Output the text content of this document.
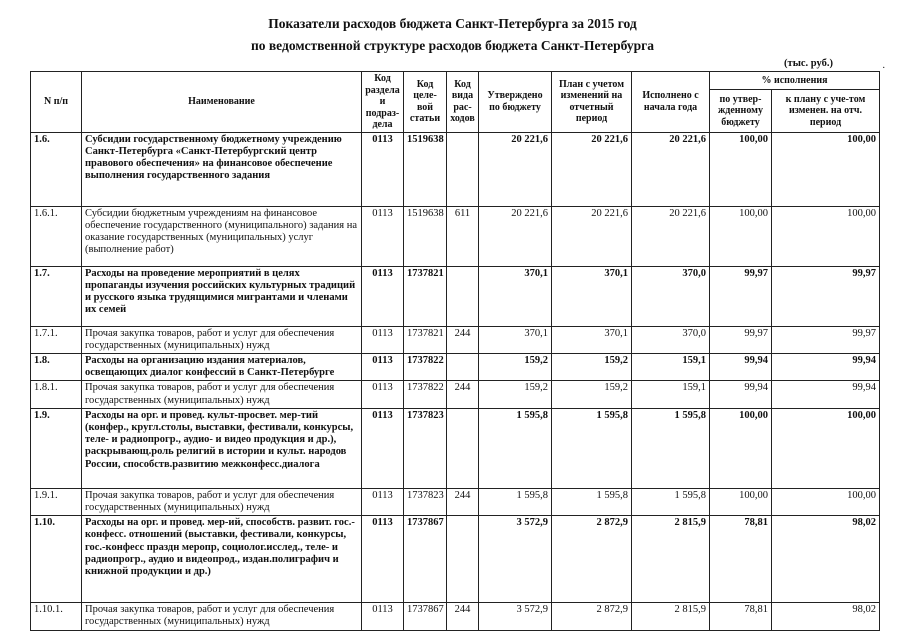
Показатели расходов бюджета Санкт-Петербурга за 2015 год
по ведомственной структуре расходов бюджета Санкт-Петербурга
(тыс. руб.)	.
N п/п	Наименование	Код раздела и подраз-дела	Код целе-вой статьи	Код вида рас-ходов	Утверждено по бюджету	План с учетом изменений на отчетный период	Исполнено с начала года	% исполнения	
								по утвер-жденному бюджету	к плану с уче-том изменен. на отч. период
1.6.	Субсидии государственному бюджетному учреждению Санкт-Петербурга «Санкт-Петербургский центр правового обеспечения» на финансовое обеспечение выполнения государственного задания	0113	1519638		20 221,6	20 221,6	20 221,6	100,00	100,00
1.6.1.	Субсидии бюджетным учреждениям на финансовое обеспечение государственного (муниципального) задания на оказание государственных (муниципальных) услуг (выполнение работ)	0113	1519638	611	20 221,6	20 221,6	20 221,6	100,00	100,00
1.7.	Расходы на проведение мероприятий в целях пропаганды изучения российских культурных традиций и русского языка трудящимися мигрантами и членами их семей	0113	1737821		370,1	370,1	370,0	99,97	99,97
1.7.1.	Прочая закупка товаров, работ и услуг для обеспечения государственных (муниципальных) нужд	0113	1737821	244	370,1	370,1	370,0	99,97	99,97
1.8.	Расходы на организацию издания материалов, освещающих диалог конфессий в Санкт-Петербурге	0113	1737822		159,2	159,2	159,1	99,94	99,94
1.8.1.	Прочая закупка товаров, работ и услуг для обеспечения государственных (муниципальных) нужд	0113	1737822	244	159,2	159,2	159,1	99,94	99,94
1.9.	Расходы на орг. и провед. культ-просвет. мер-тий (конфер., кругл.столы, выставки, фестивали, конкурсы, теле- и радиопрогр., аудио- и видео продукция и др.), раскрывающ.роль религий в истории и культ. народов России, способств.развитию межконфесс.диалога	0113	1737823		1 595,8	1 595,8	1 595,8	100,00	100,00
1.9.1.	Прочая закупка товаров, работ и услуг для обеспечения государственных (муниципальных) нужд	0113	1737823	244	1 595,8	1 595,8	1 595,8	100,00	100,00
1.10.	Расходы на орг. и провед. мер-ий, способств. развит. гос.-конфесс. отношений (выставки, фестивали, конкурсы, гос.-конфесс праздн меропр, социолог.исслед., теле- и радиопрогр., аудио и видеопрод., издан.полиграфич и книжной продукции и др.)	0113	1737867		3 572,9	2 872,9	2 815,9	78,81	98,02
1.10.1.	Прочая закупка товаров, работ и услуг для обеспечения государственных (муниципальных) нужд	0113	1737867	244	3 572,9	2 872,9	2 815,9	78,81	98,02
